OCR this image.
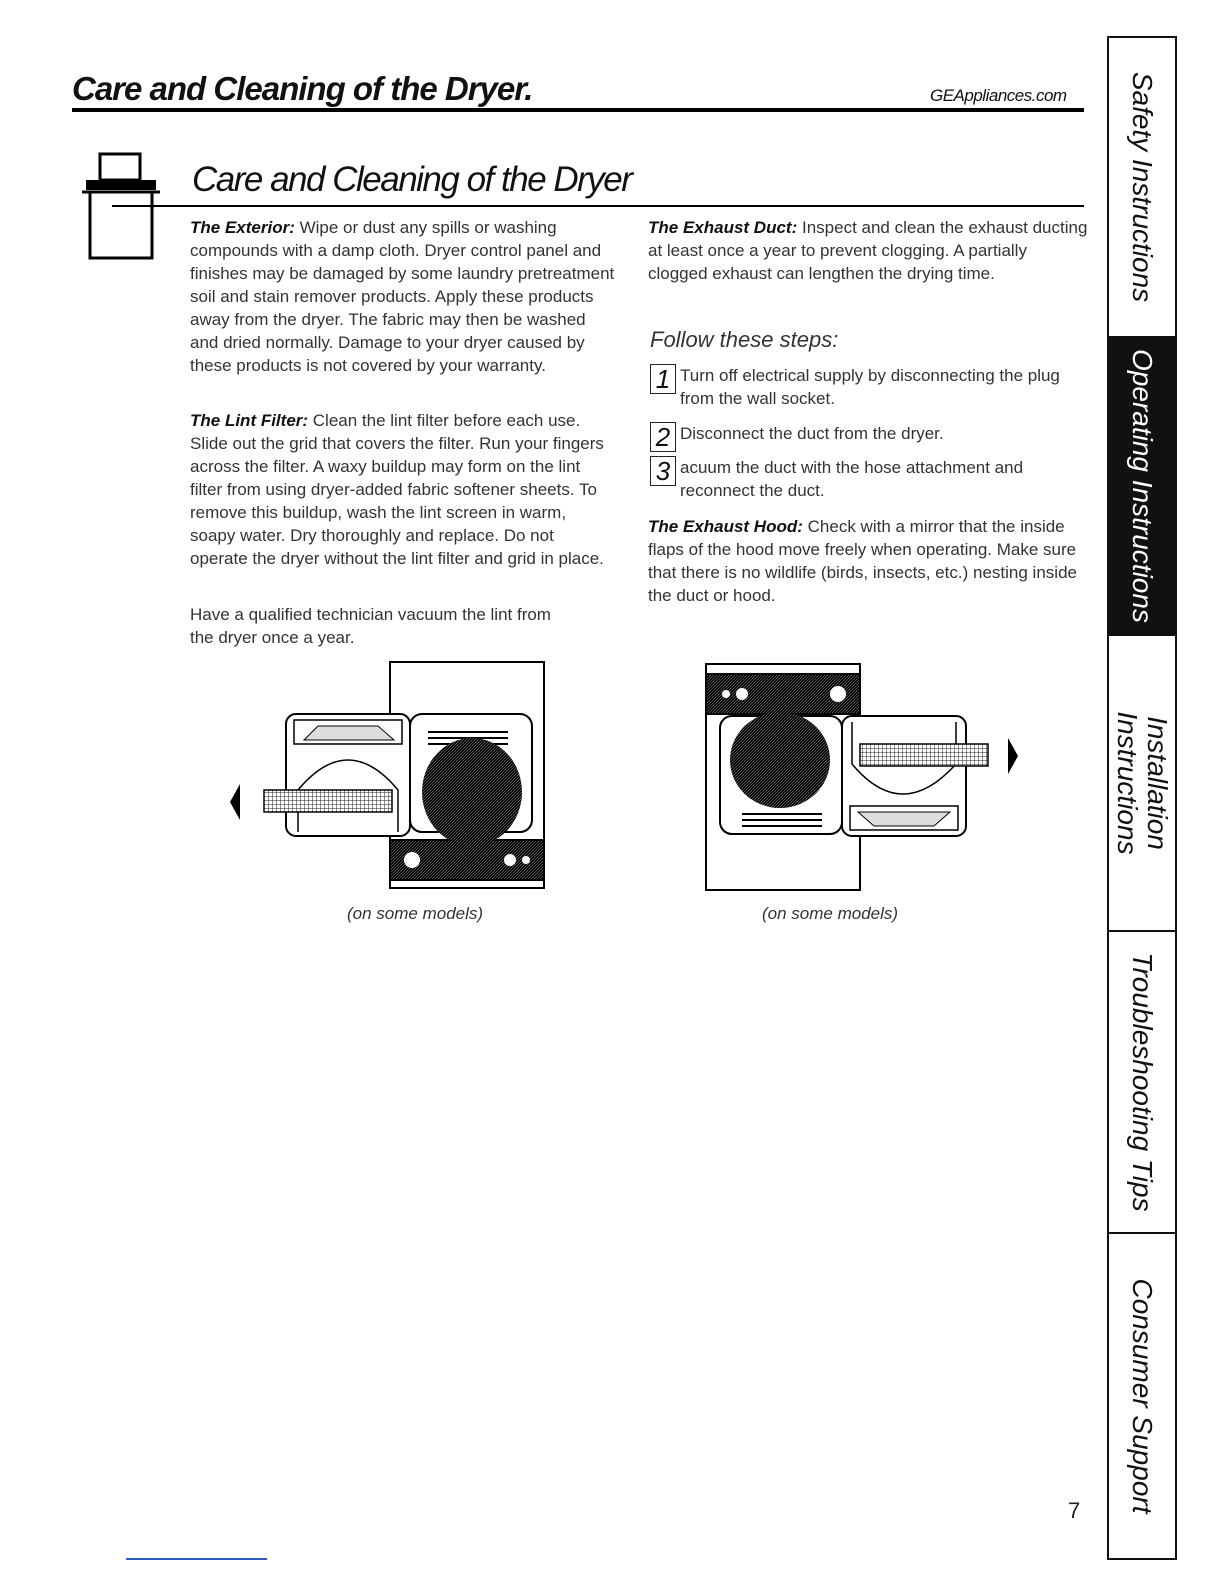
Care and Cleaning of the Dryer.	GEAppliances.com
Care and Cleaning of the Dryer
The Exterior: Wipe or dust any spills or washing compounds with a damp cloth. Dryer control panel and finishes may be damaged by some laundry pretreatment soil and stain remover products. Apply these products away from the dryer. The fabric may then be washed and dried normally. Damage to your dryer caused by these products is not covered by your warranty.
The Lint Filter: Clean the lint filter before each use. Slide out the grid that covers the filter. Run your fingers across the filter. A waxy buildup may form on the lint filter from using dryer-added fabric softener sheets. To remove this buildup, wash the lint screen in warm, soapy water. Dry thoroughly and replace. Do not operate the dryer without the lint filter and grid in place.
Have a qualified technician vacuum the lint from the dryer once a year.
The Exhaust Duct: Inspect and clean the exhaust ducting at least once a year to prevent clogging. A partially clogged exhaust can lengthen the drying time.
Follow these steps:
1 Turn off electrical supply by disconnecting the plug from the wall socket.
2 Disconnect the duct from the dryer.
3 acuum the duct with the hose attachment and reconnect the duct.
The Exhaust Hood: Check with a mirror that the inside flaps of the hood move freely when operating. Make sure that there is no wildlife (birds, insects, etc.) nesting inside the duct or hood.
(on some models)	(on some models)
Safety Instructions
Operating Instructions
Installation Instructions
Troubleshooting Tips
Consumer Support
7
